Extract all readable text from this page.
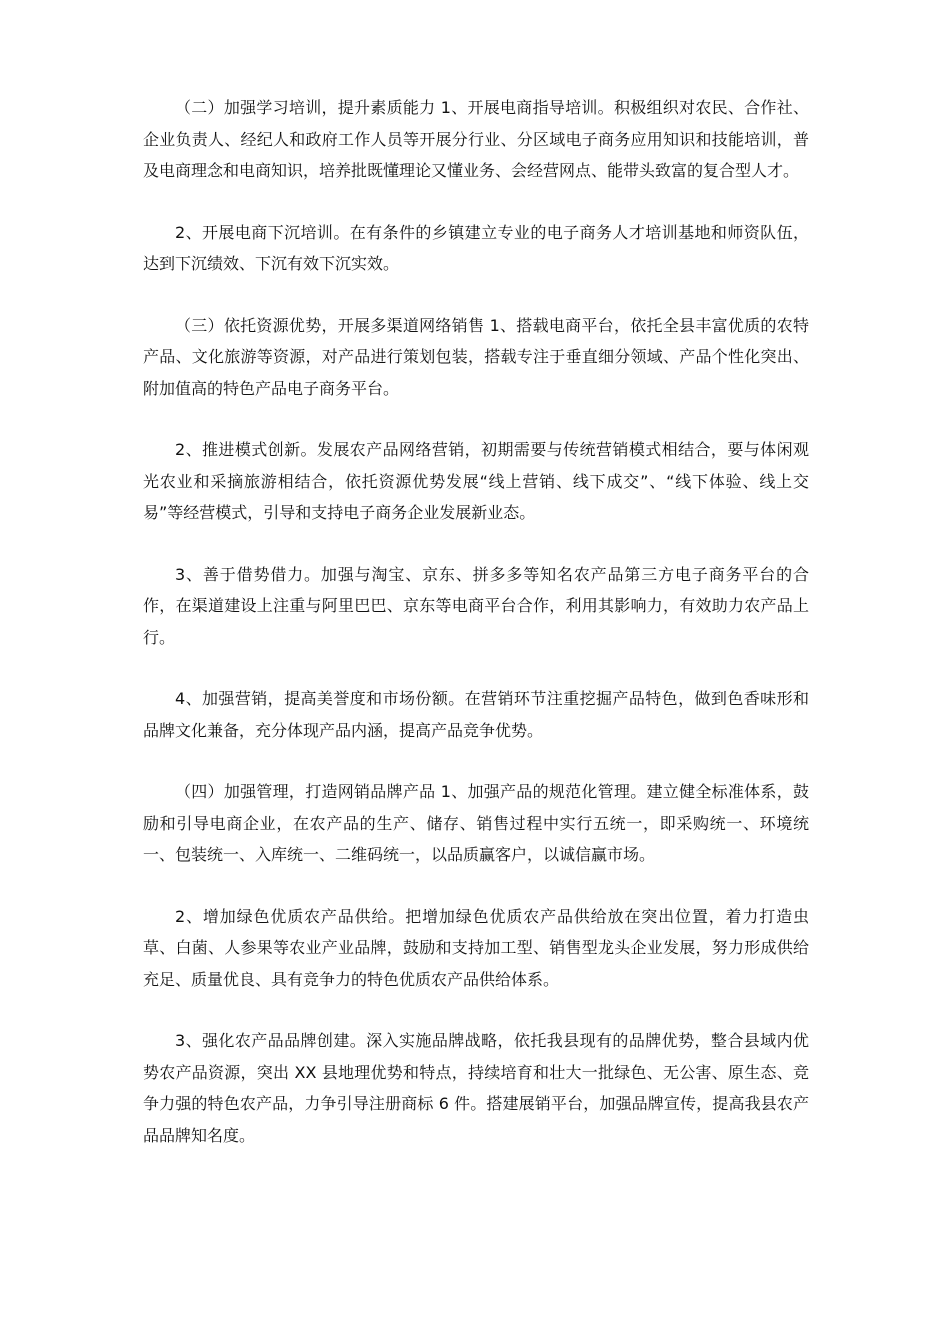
（二）加强学习培训，提升素质能力 1、开展电商指导培训。积极组织对农民、合作社、企业负责人、经纪人和政府工作人员等开展分行业、分区域电子商务应用知识和技能培训，普及电商理念和电商知识，培养批既懂理论又懂业务、会经营网点、能带头致富的复合型人才。

2、开展电商下沉培训。在有条件的乡镇建立专业的电子商务人才培训基地和师资队伍，达到下沉绩效、下沉有效下沉实效。

（三）依托资源优势，开展多渠道网络销售 1、搭载电商平台，依托全县丰富优质的农特产品、文化旅游等资源，对产品进行策划包装，搭载专注于垂直细分领域、产品个性化突出、附加值高的特色产品电子商务平台。

2、推进模式创新。发展农产品网络营销，初期需要与传统营销模式相结合，要与体闲观光农业和采摘旅游相结合，依托资源优势发展“线上营销、线下成交”、“线下体验、线上交易”等经营模式，引导和支持电子商务企业发展新业态。

3、善于借势借力。加强与淘宝、京东、拼多多等知名农产品第三方电子商务平台的合作，在渠道建设上注重与阿里巴巴、京东等电商平台合作，利用其影响力，有效助力农产品上行。

4、加强营销，提高美誉度和市场份额。在营销环节注重挖掘产品特色，做到色香味形和品牌文化兼备，充分体现产品内涵，提高产品竞争优势。

（四）加强管理，打造网销品牌产品 1、加强产品的规范化管理。建立健全标准体系，鼓励和引导电商企业，在农产品的生产、储存、销售过程中实行五统一，即采购统一、环境统一、包装统一、入库统一、二维码统一，以品质赢客户，以诚信赢市场。

2、增加绿色优质农产品供给。把增加绿色优质农产品供给放在突出位置，着力打造虫草、白菌、人参果等农业产业品牌，鼓励和支持加工型、销售型龙头企业发展，努力形成供给充足、质量优良、具有竞争力的特色优质农产品供给体系。

3、强化农产品品牌创建。深入实施品牌战略，依托我县现有的品牌优势，整合县域内优势农产品资源，突出 XX 县地理优势和特点，持续培育和壮大一批绿色、无公害、原生态、竞争力强的特色农产品，力争引导注册商标 6 件。搭建展销平台，加强品牌宣传，提高我县农产品品牌知名度。
